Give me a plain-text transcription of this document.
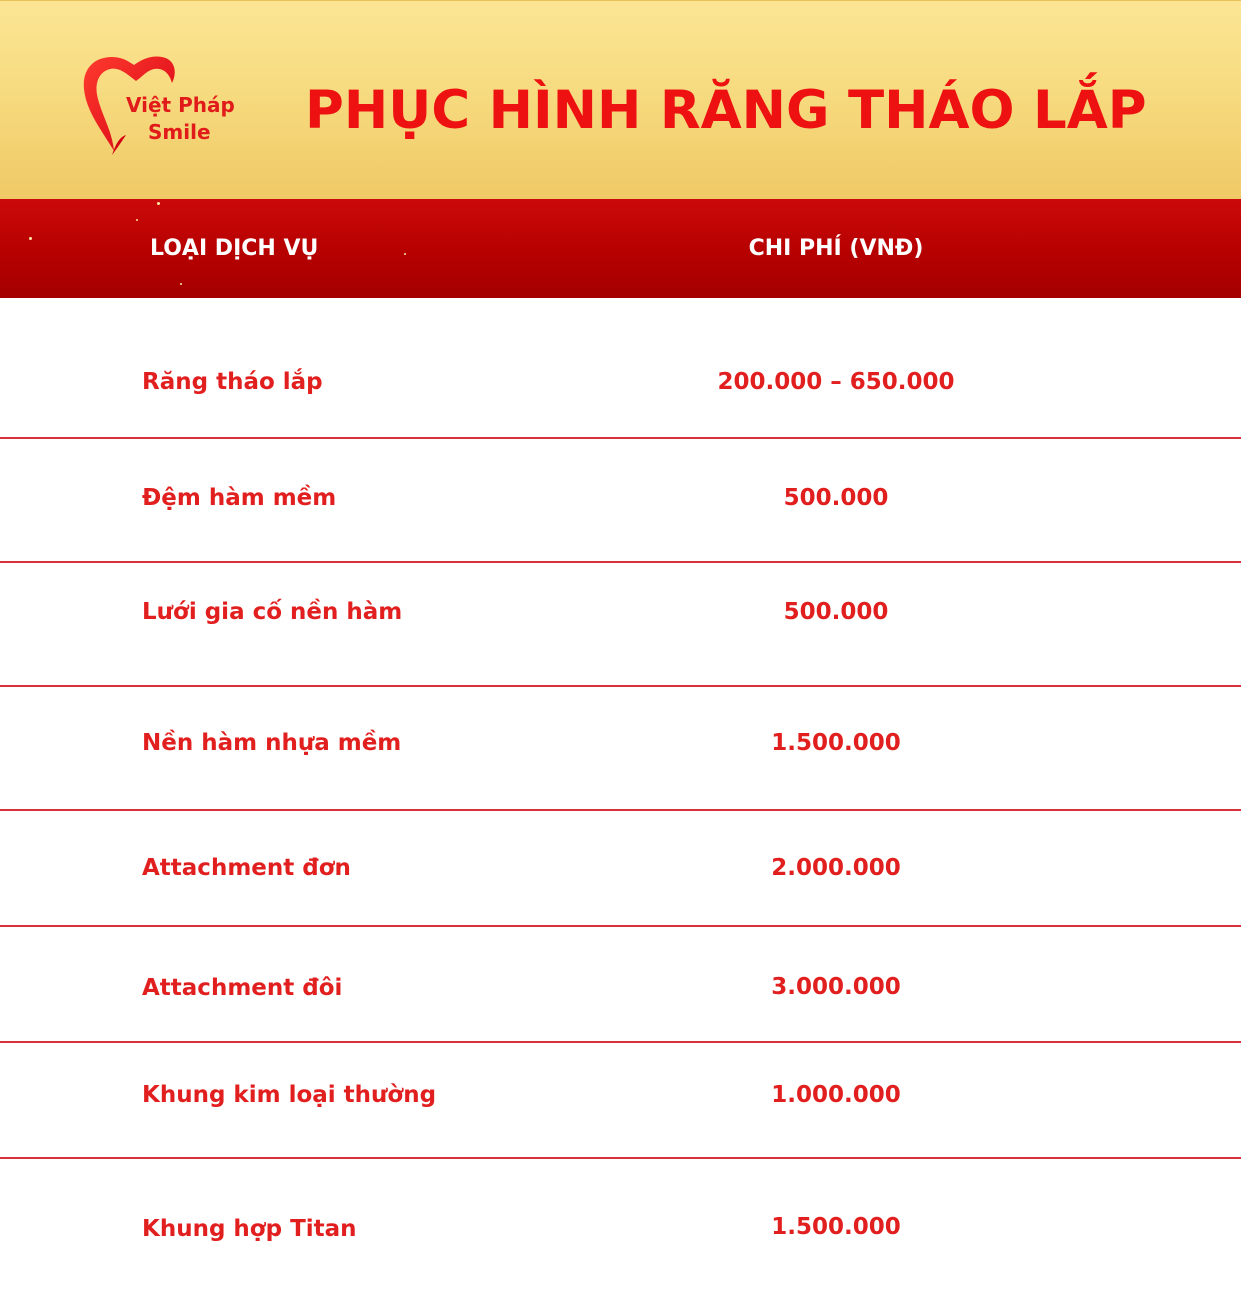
Việt Pháp
Smile PHỤC HÌNH RĂNG THÁO LẮP
LOẠI DỊCH VỤ	CHI PHÍ (VNĐ)
Răng tháo lắp	200.000 – 650.000
Đệm hàm mềm	500.000
Lưới gia cố nền hàm	500.000
Nền hàm nhựa mềm	1.500.000
Attachment đơn	2.000.000
Attachment đôi	3.000.000
Khung kim loại thường	1.000.000
Khung hợp Titan	1.500.000
